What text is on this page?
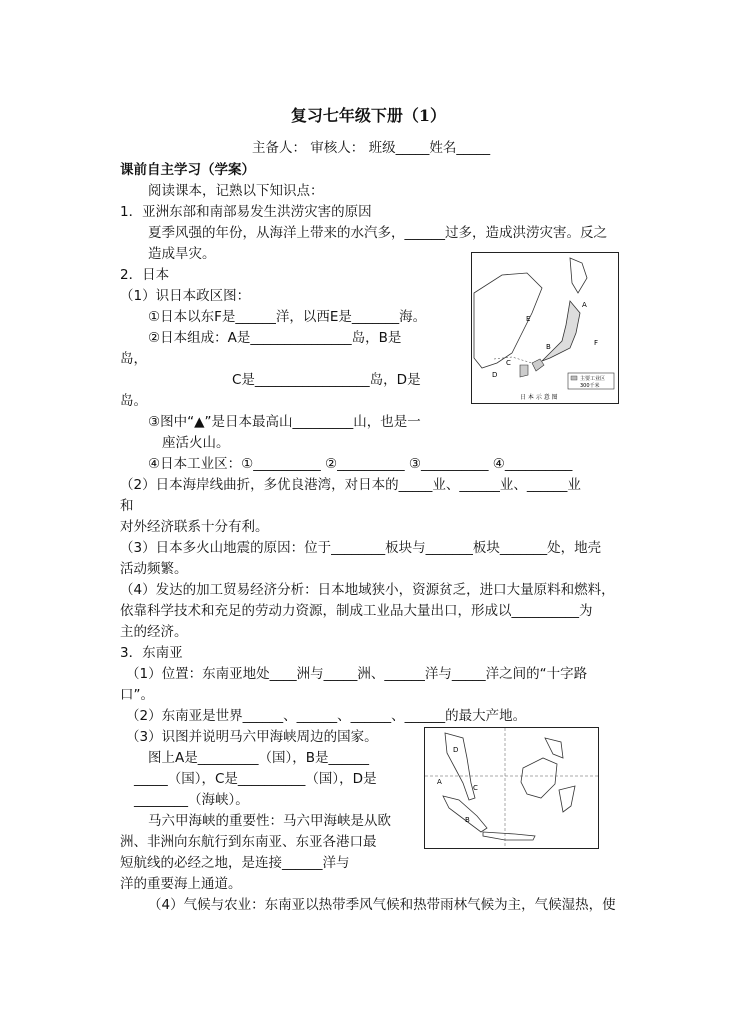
复习七年级下册（1）
主备人： 审核人： 班级_____姓名_____
课前自主学习（学案）
阅读课本，记熟以下知识点：
1．亚洲东部和南部易发生洪涝灾害的原因
夏季风强的年份，从海洋上带来的水汽多，______过多，造成洪涝灾害。反之
造成旱灾。
2．日本
（1）识日本政区图：
①日本以东F是______洋，以西E是_______海。
②日本组成：A是_______________岛，B是
岛，
C是_________________岛，D是
岛。
③图中“▲”是日本最高山_________山，也是一
座活火山。
④日本工业区：①__________ ②__________ ③__________ ④__________
（2）日本海岸线曲折，多优良港湾，对日本的_____业、______业、______业
和
对外经济联系十分有利。
（3）日本多火山地震的原因：位于________板块与_______板块_______处，地壳
活动频繁。
（4）发达的加工贸易经济分析：日本地域狭小，资源贫乏，进口大量原料和燃料，
依靠科学技术和充足的劳动力资源，制成工业品大量出口，形成以__________为
主的经济。
3．东南亚
（1）位置：东南亚地处____洲与_____洲、______洋与_____洋之间的“十字路
口”。
（2）东南亚是世界______、______、______、______的最大产地。
（3）识图并说明马六甲海峡周边的国家。
图上A是_________（国），B是______
_____（国），C是__________（国），D是
________（海峡）。
马六甲海峡的重要性：马六甲海峡是从欧
洲、非洲向东航行到东南亚、东亚各港口最
短航线的必经之地，是连接______洋与
洋的重要海上通道。
（4）气候与农业：东南亚以热带季风气候和热带雨林气候为主，气候湿热，使
E
F
A
B
C
D	主要工业区
300千米
日 本 示 意 图
D
A
C
B
